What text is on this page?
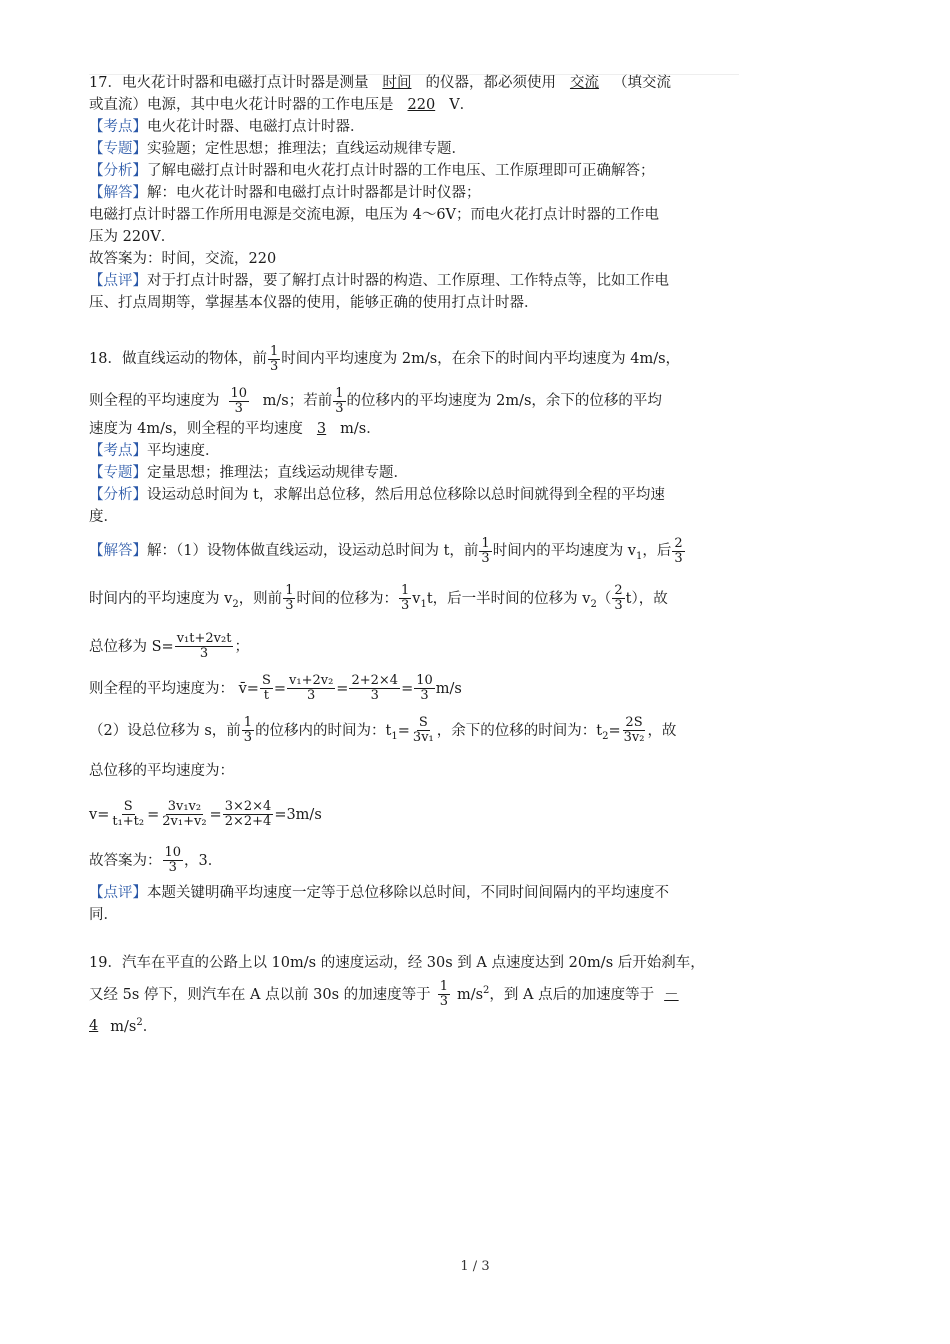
17．电火花计时器和电磁打点计时器是测量 时间 的仪器，都必须使用 交流 （填交流
或直流）电源，其中电火花计时器的工作电压是 220 V．
【考点】电火花计时器、电磁打点计时器．
【专题】实验题；定性思想；推理法；直线运动规律专题．
【分析】了解电磁打点计时器和电火花打点计时器的工作电压、工作原理即可正确解答；
【解答】解：电火花计时器和电磁打点计时器都是计时仪器；
电磁打点计时器工作所用电源是交流电源，电压为 4～6V；而电火花打点计时器的工作电
压为 220V．
故答案为：时间，交流，220
【点评】对于打点计时器，要了解打点计时器的构造、工作原理、工作特点等，比如工作电
压、打点周期等，掌握基本仪器的使用，能够正确的使用打点计时器．
18．做直线运动的物体，前 $\frac{1}{3}$ 时间内平均速度为 2m/s，在余下的时间内平均速度为 4m/s，
则全程的平均速度为 $\frac{10}{3} m/s$；若前 $\frac{1}{3}$ 的位移内的平均速度为 2m/s，余下的位移的平均
速度为 4m/s，则全程的平均速度 3 m/s．
【考点】平均速度．
【专题】定量思想；推理法；直线运动规律专题．
【分析】设运动总时间为 t，求解出总位移，然后用总位移除以总时间就得到全程的平均速
度．
【解答】解：（1）设物体做直线运动，设运动总时间为 t，前 $\frac{1}{3}$ 时间内的平均速度为 $v_1$，后 $\frac{2}{3}$
时间内的平均速度为 $v_2$，则前 $\frac{1}{3}$ 时间的位移为： $\frac{1}{3} v_1t$，后一半时间的位移为 $v_2( \frac{2}{3} t)$，故
总位移为 $S= \frac{\text{v₁t+2v₂t}}{3}$ ；
则全程的平均速度为： v̄= $\frac{S}{t} = \frac{\text{v₁+2v₂}}{3} = \frac{2+2\times 4}{3} = \frac{10}{3} m/s$
（2）设总位移为 s，前 $\frac{1}{3}$ 的位移内的时间为：$t_1= \frac{S}{\text{3v₁}}$ ，余下的位移的时间为：$t_2= \frac{2S}{\text{3v₂}}$ ，故
总位移的平均速度为：
$v= \frac{S}{\text{t₁+t₂}} = \frac{\text{3v₁v₂}}{\text{2v₁+v₂}} = \frac{3\times 2\times 4}{2\times 2+4} =3m/s$
故答案为： $\frac{10}{3}$ ，3．
【点评】本题关键明确平均速度一定等于总位移除以总时间，不同时间间隔内的平均速度不
同．
19．汽车在平直的公路上以 10m/s 的速度运动，经 30s 到 A 点速度达到 20m/s 后开始刹车，
又经 5s 停下，则汽车在 A 点以前 30s 的加速度等于 $\frac{1}{3} m/s^2$，到 A 点后的加速度等于 －
4 $m/s^2$．
1 / 3
